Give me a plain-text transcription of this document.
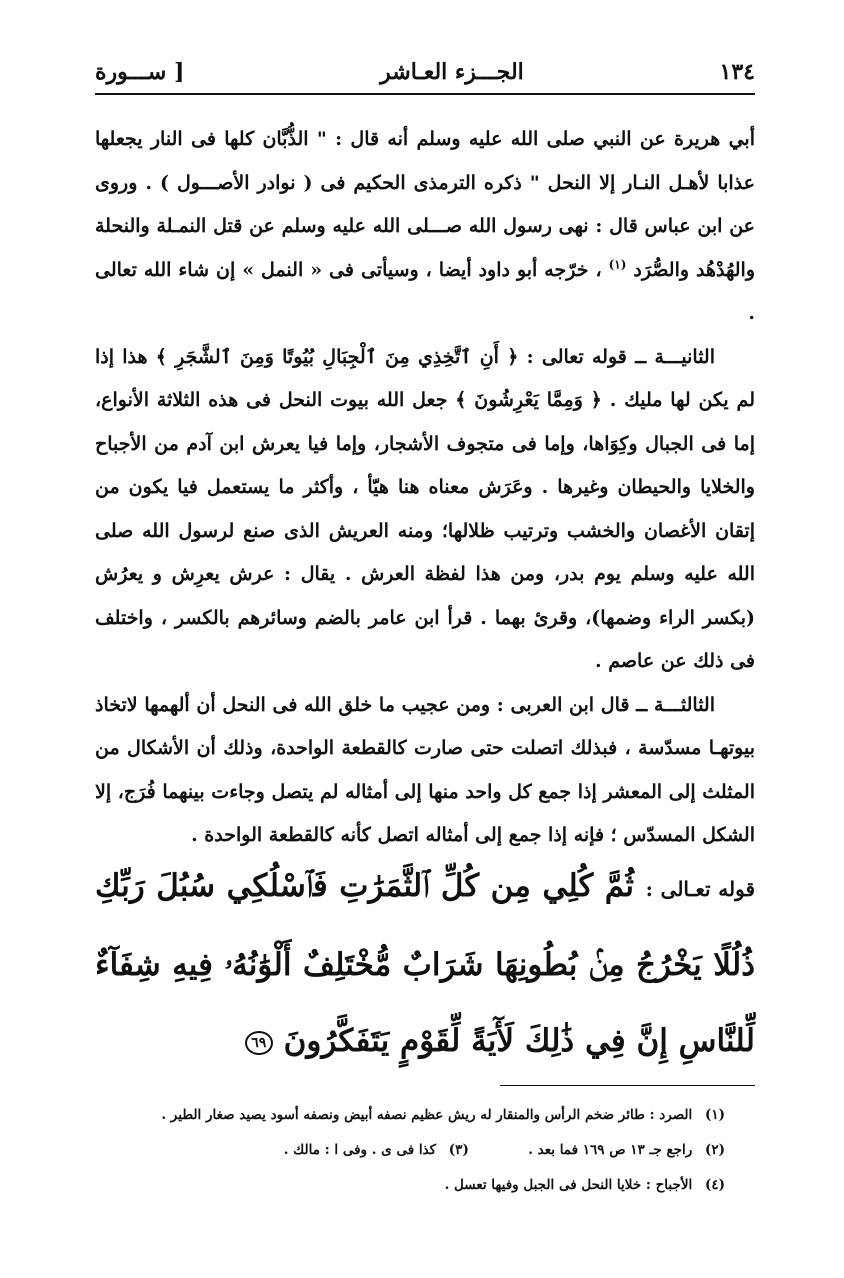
١٣٤
الجـــزء العـاشر
[ ســـورة

أبي هريرة عن النبي صلى الله عليه وسلم أنه قال : " الذُّبَّان كلها فى النار يجعلها عذابا لأهـل النـار إلا النحل " ذكره الترمذى الحكيم فى ( نوادر الأصـــول ) . وروى عن ابن عباس قال : نهى رسول الله صـــلى الله عليه وسلم عن قتل النمـلة والنحلة والهُدْهُد والصُّرَد $^{(١)}$ ، خرّجه أبو داود أيضا ، وسيأتى فى « النمل » إن شاء الله تعالى .

الثانيـــة ــ قوله تعالى : ﴿ أَنِ ٱتَّخِذِي مِنَ ٱلْجِبَالِ بُيُوتًا وَمِنَ ٱلشَّجَرِ ﴾ هذا إذا لم يكن لها مليك . ﴿ وَمِمَّا يَعْرِشُونَ ﴾ جعل الله بيوت النحل فى هذه الثلاثة الأنواع، إما فى الجبال وكِوَاها، وإما فى متجوف الأشجار، وإما فيا يعرش ابن آدم من الأجباح والخلايا والحيطان وغيرها . وعَرَش معناه هنا هيّأ ، وأكثر ما يستعمل فيا يكون من إتقان الأغصان والخشب وترتيب ظلالها؛ ومنه العريش الذى صنع لرسول الله صلى الله عليه وسلم يوم بدر، ومن هذا لفظة العرش . يقال : عرش يعرِش و يعرُش (بكسر الراء وضمها)، وقرئ بهما . قرأ ابن عامر بالضم وسائرهم بالكسر ، واختلف فى ذلك عن عاصم .

الثالثـــة ــ قال ابن العربى : ومن عجيب ما خلق الله فى النحل أن ألهمها لاتخاذ بيوتهـا مسدّسة ، فبذلك اتصلت حتى صارت كالقطعة الواحدة، وذلك أن الأشكال من المثلث إلى المعشر إذا جمع كل واحد منها إلى أمثاله لم يتصل وجاءت بينهما فُرَج، إلا الشكل المسدّس ؛ فإنه إذا جمع إلى أمثاله اتصل كأنه كالقطعة الواحدة .

قوله تعـالى : ثُمَّ كُلِي مِن كُلِّ ٱلثَّمَرَٰتِ فَٱسْلُكِي سُبُلَ رَبِّكِ ذُلُلًا يَخْرُجُ مِنۢ بُطُونِهَا شَرَابٌ مُّخْتَلِفٌ أَلْوَٰنُهُۥ فِيهِ شِفَآءٌ لِّلنَّاسِ إِنَّ فِي ذَٰلِكَ لَأٓيَةً لِّقَوْمٍ يَتَفَكَّرُونَ ٦٩

(١) الصرد : طائر ضخم الرأس والمنقار له ريش عظيم نصفه أبيض ونصفه أسود يصيد صغار الطير .

(٢) راجع جـ ١٣ ص ١٦٩ فما بعد .  (٣) كذا فى ى . وفى ا : مالك .

(٤) الأجباح : خلايا النحل فى الجبل وفيها تعسل .
